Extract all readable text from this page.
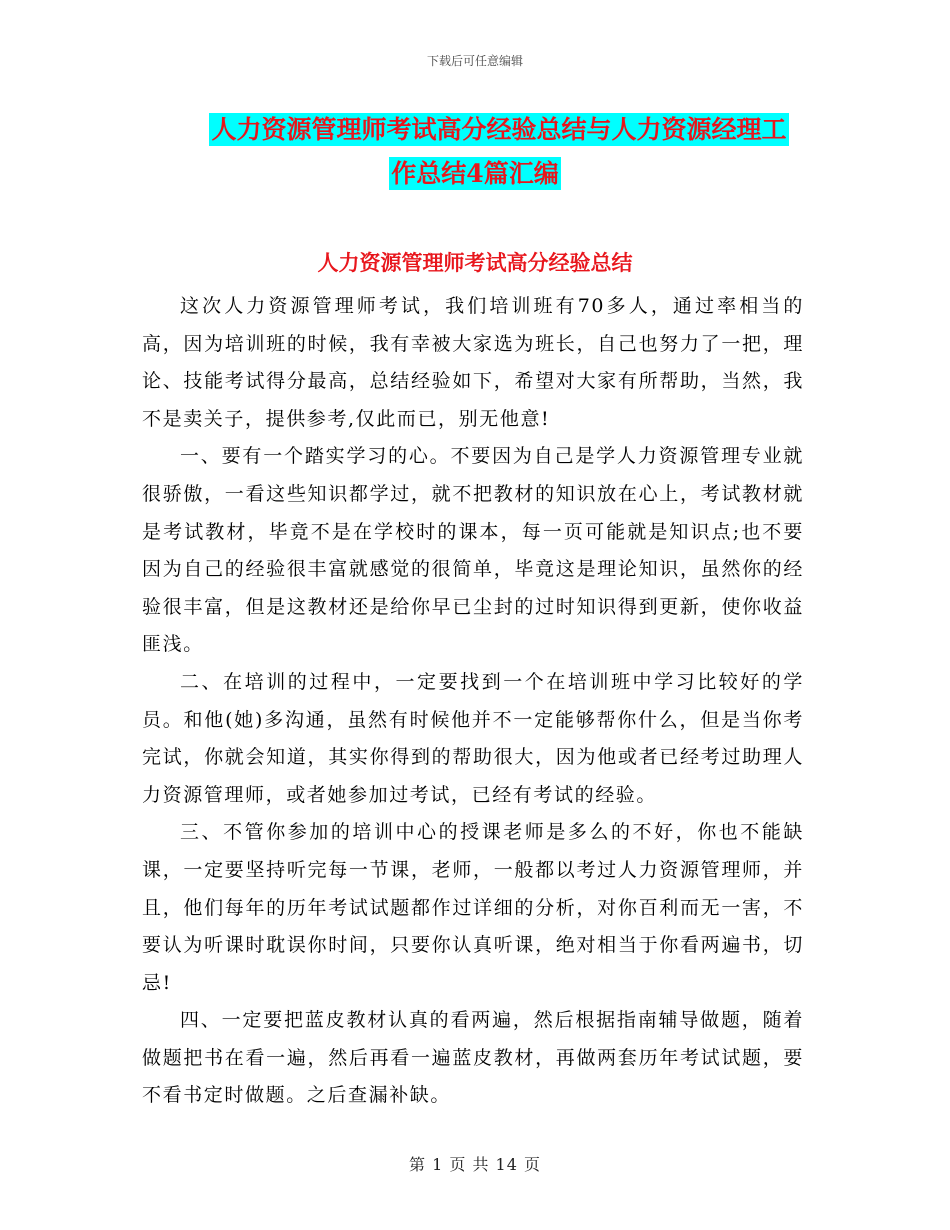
下载后可任意编辑
人力资源管理师考试高分经验总结与人力资源经理工
作总结4篇汇编
人力资源管理师考试高分经验总结

这次人力资源管理师考试，我们培训班有70多人，通过率相当的高，因为培训班的时候，我有幸被大家选为班长，自己也努力了一把，理论、技能考试得分最高，总结经验如下，希望对大家有所帮助，当然，我不是卖关子，提供参考,仅此而已，别无他意!

一、要有一个踏实学习的心。不要因为自己是学人力资源管理专业就很骄傲，一看这些知识都学过，就不把教材的知识放在心上，考试教材就是考试教材，毕竟不是在学校时的课本，每一页可能就是知识点;也不要因为自己的经验很丰富就感觉的很简单，毕竟这是理论知识，虽然你的经验很丰富，但是这教材还是给你早已尘封的过时知识得到更新，使你收益匪浅。

二、在培训的过程中，一定要找到一个在培训班中学习比较好的学员。和他(她)多沟通，虽然有时候他并不一定能够帮你什么，但是当你考完试，你就会知道，其实你得到的帮助很大，因为他或者已经考过助理人力资源管理师，或者她参加过考试，已经有考试的经验。

三、不管你参加的培训中心的授课老师是多么的不好，你也不能缺课，一定要坚持听完每一节课，老师，一般都以考过人力资源管理师，并且，他们每年的历年考试试题都作过详细的分析，对你百利而无一害，不要认为听课时耽误你时间，只要你认真听课，绝对相当于你看两遍书，切忌!

四、一定要把蓝皮教材认真的看两遍，然后根据指南辅导做题，随着做题把书在看一遍，然后再看一遍蓝皮教材，再做两套历年考试试题，要不看书定时做题。之后查漏补缺。

第 1 页 共 14 页
